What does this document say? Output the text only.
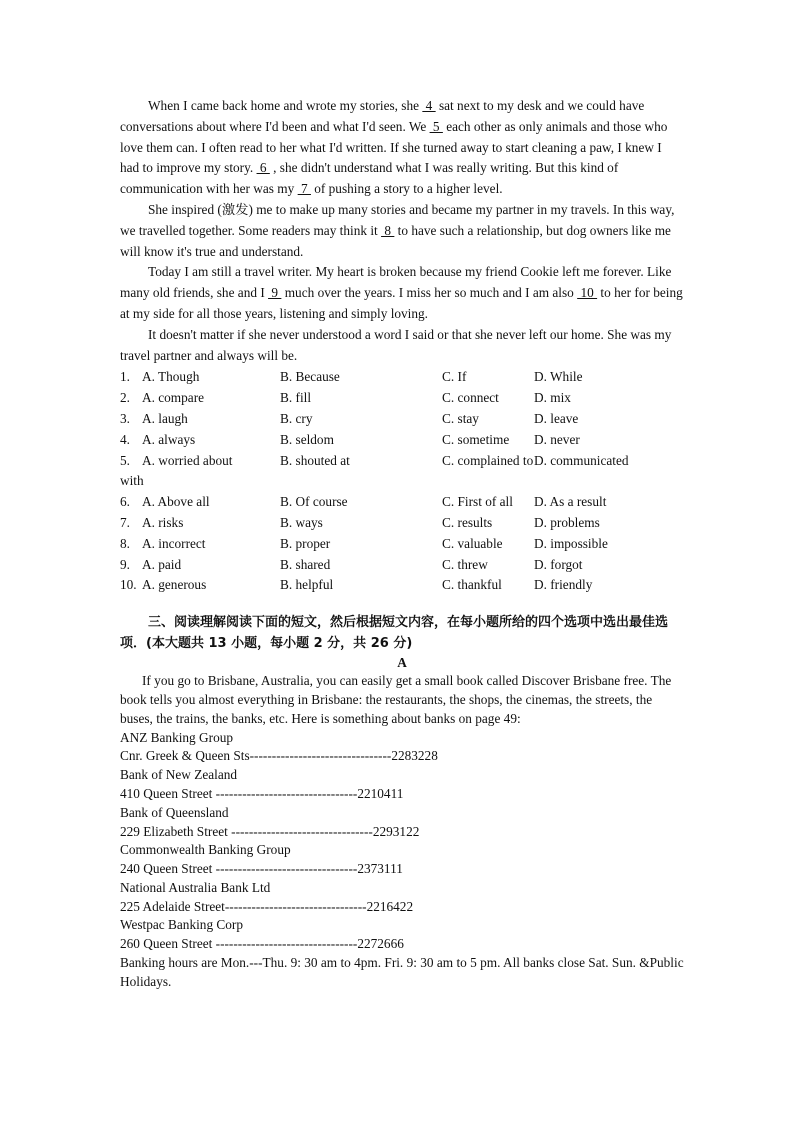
When I came back home and wrote my stories, she  4  sat next to my desk and we could have conversations about where I'd been and what I'd seen. We  5  each other as only animals and those who love them can. I often read to her what I'd written. If she turned away to start cleaning a paw, I knew I had to improve my story.  6  , she didn't understand what I was really writing. But this kind of communication with her was my  7  of pushing a story to a higher level.

She inspired (激发) me to make up many stories and became my partner in my travels. In this way, we travelled together. Some readers may think it  8  to have such a relationship, but dog owners like me will know it's true and understand.

Today I am still a travel writer. My heart is broken because my friend Cookie left me forever. Like many old friends, she and I  9  much over the years. I miss her so much and I am also  10  to her for being at my side for all those years, listening and simply loving.

It doesn't matter if she never understood a word I said or that she never left our home. She was my travel partner and always will be.

1. A. Though	B. Because	C. If	D. While
2. A. compare	B. fill	C. connect	D. mix
3. A. laugh	B. cry	C. stay	D. leave
4. A. always	B. seldom	C. sometime D. never
5. A. worried about	B. shouted at	C. complained to D. communicated
with
6. A. Above all	B. Of course	C. First of all D. As a result
7. A. risks	B. ways	C. results	D. problems
8. A. incorrect	B. proper	C. valuable D. impossible
9. A. paid	B. shared	C. threw	D. forgot
10. A. generous	B. helpful	C. thankful D. friendly
三、阅读理解阅读下面的短文，然后根据短文内容，在每小题所给的四个选项中选出最佳选项．(本大题共 13 小题，每小题 2 分，共 26 分)
A

If you go to Brisbane, Australia, you can easily get a small book called Discover Brisbane free. The book tells you almost everything in Brisbane: the restaurants, the shops, the cinemas, the streets, the buses, the trains, the banks, etc. Here is something about banks on page 49:

ANZ Banking Group
Cnr. Greek & Queen Sts--------------------------------2283228
Bank of New Zealand
410 Queen Street --------------------------------2210411
Bank of Queensland
229 Elizabeth Street --------------------------------2293122
Commonwealth Banking Group
240 Queen Street --------------------------------2373111
National Australia Bank Ltd
225 Adelaide Street--------------------------------2216422
Westpac Banking Corp
260 Queen Street --------------------------------2272666

Banking hours are Mon.---Thu. 9: 30 am to 4pm. Fri. 9: 30 am to 5 pm. All banks close Sat. Sun. &Public Holidays.
